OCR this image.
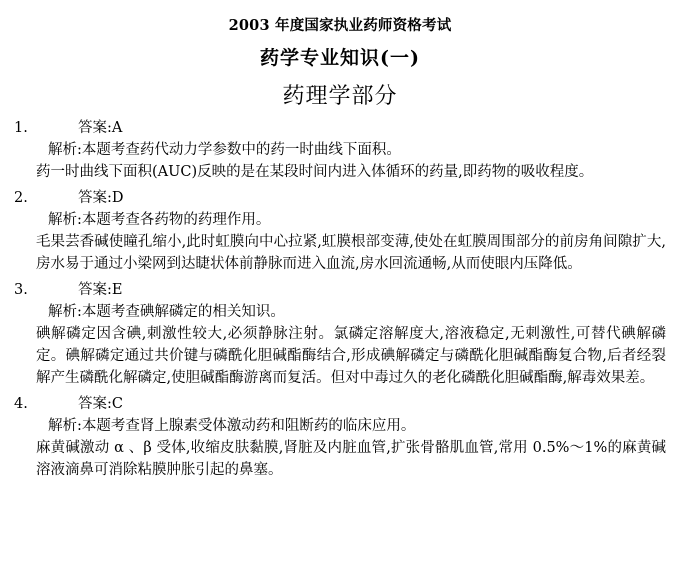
2003 年度国家执业药师资格考试
药学专业知识(一)
药理学部分
1.	答案:A
解析:本题考查药代动力学参数中的药一时曲线下面积。
药一时曲线下面积(AUC)反映的是在某段时间内进入体循环的药量,即药物的吸收程度。
2.	答案:D
解析:本题考查各药物的药理作用。
毛果芸香碱使瞳孔缩小,此时虹膜向中心拉紧,虹膜根部变薄,使处在虹膜周围部分的前房角间隙扩大,房水易于通过小梁网到达睫状体前静脉而进入血流,房水回流通畅,从而使眼内压降低。
3.	答案:E
解析:本题考查碘解磷定的相关知识。
碘解磷定因含碘,刺激性较大,必须静脉注射。氯磷定溶解度大,溶液稳定,无刺激性,可替代碘解磷定。碘解磷定通过共价键与磷酰化胆碱酯酶结合,形成碘解磷定与磷酰化胆碱酯酶复合物,后者经裂解产生磷酰化解磷定,使胆碱酯酶游离而复活。但对中毒过久的老化磷酰化胆碱酯酶,解毒效果差。
4.	答案:C
解析:本题考查肾上腺素受体激动药和阻断药的临床应用。
麻黄碱激动 α 、β 受体,收缩皮肤黏膜,肾脏及内脏血管,扩张骨骼肌血管,常用 0.5%～1%的麻黄碱溶液滴鼻可消除粘膜肿胀引起的鼻塞。
